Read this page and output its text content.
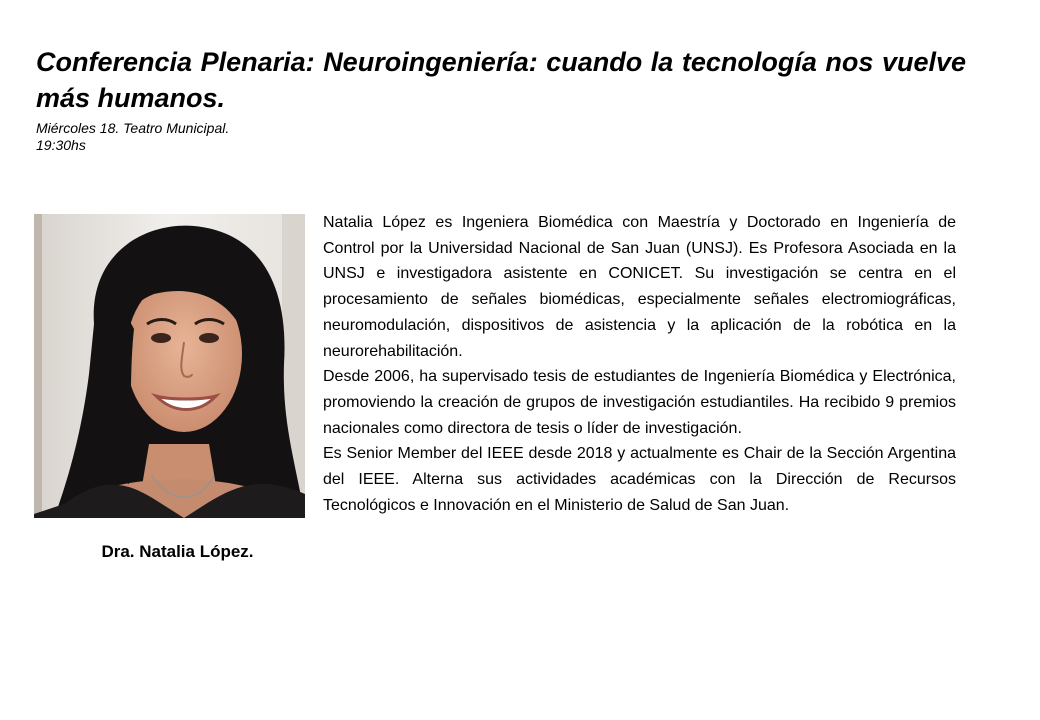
Conferencia Plenaria: Neuroingeniería: cuando la tecnología nos vuelve más humanos.
Miércoles 18. Teatro Municipal.
19:30hs
Dra. Natalia López.

Natalia López es Ingeniera Biomédica con Maestría y Doctorado en Ingeniería de Control por la Universidad Nacional de San Juan (UNSJ). Es Profesora Asociada en la UNSJ e investigadora asistente en CONICET. Su investigación se centra en el procesamiento de señales biomédicas, especialmente señales electromiográficas, neuromodulación, dispositivos de asistencia y la aplicación de la robótica en la neurorehabilitación.

Desde 2006, ha supervisado tesis de estudiantes de Ingeniería Biomédica y Electrónica, promoviendo la creación de grupos de investigación estudiantiles. Ha recibido 9 premios nacionales como directora de tesis o líder de investigación.

Es Senior Member del IEEE desde 2018 y actualmente es Chair de la Sección Argentina del IEEE. Alterna sus actividades académicas con la Dirección de Recursos Tecnológicos e Innovación en el Ministerio de Salud de San Juan.
